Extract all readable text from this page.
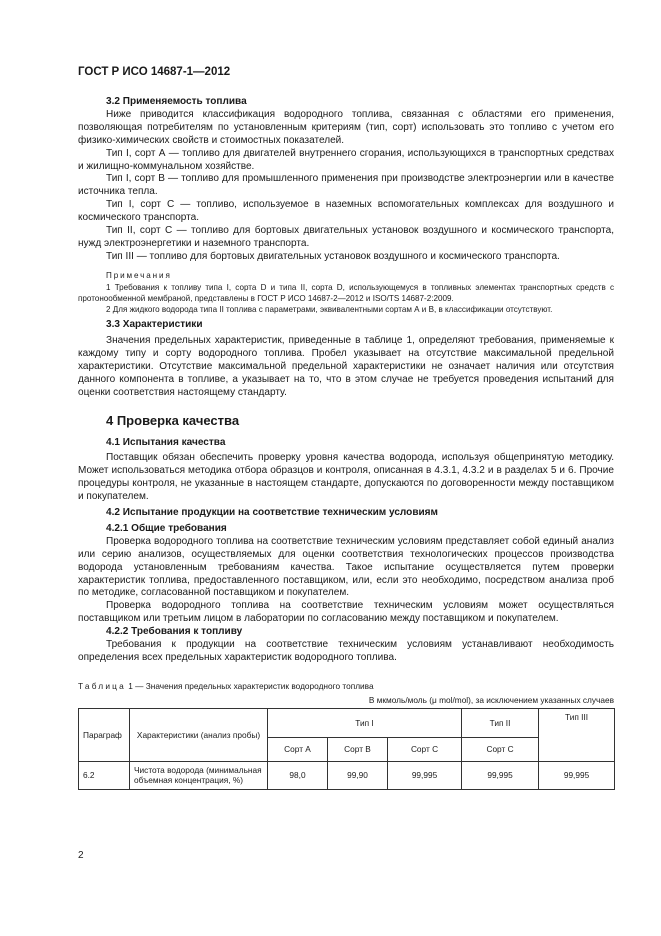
ГОСТ Р ИСО 14687-1—2012

3.2 Применяемость топлива

Ниже приводится классификация водородного топлива, связанная с областями его применения, позволяющая потребителям по установленным критериям (тип, сорт) использовать это топливо с учетом его физико-химических свойств и стоимостных показателей.

Тип I, сорт А — топливо для двигателей внутреннего сгорания, использующихся в транспортных средствах и жилищно-коммунальном хозяйстве.

Тип I, сорт В — топливо для промышленного применения при производстве электроэнергии или в качестве источника тепла.

Тип I, сорт С — топливо, используемое в наземных вспомогательных комплексах для воздушного и космического транспорта.

Тип II, сорт С — топливо для бортовых двигательных установок воздушного и космического транспорта, нужд электроэнергетики и наземного транспорта.

Тип III — топливо для бортовых двигательных установок воздушного и космического транспорта.

Примечания

1 Требования к топливу типа I, сорта D и типа II, сорта D, использующемуся в топливных элементах транспортных средств с протонообменной мембраной, представлены в ГОСТ Р ИСО 14687-2—2012 и ISO/TS 14687-2:2009.

2 Для жидкого водорода типа II топлива с параметрами, эквивалентными сортам А и В, в классификации отсутствуют.

3.3 Характеристики

Значения предельных характеристик, приведенные в таблице 1, определяют требования, применяемые к каждому типу и сорту водородного топлива. Пробел указывает на отсутствие максимальной предельной характеристики. Отсутствие максимальной предельной характеристики не означает наличия или отсутствия данного компонента в топливе, а указывает на то, что в этом случае не требуется проведения испытаний для оценки соответствия настоящему стандарту.

4 Проверка качества

4.1 Испытания качества

Поставщик обязан обеспечить проверку уровня качества водорода, используя общепринятую методику. Может использоваться методика отбора образцов и контроля, описанная в 4.3.1, 4.3.2 и в разделах 5 и 6. Прочие процедуры контроля, не указанные в настоящем стандарте, допускаются по договоренности между поставщиком и покупателем.

4.2 Испытание продукции на соответствие техническим условиям

4.2.1 Общие требования

Проверка водородного топлива на соответствие техническим условиям представляет собой единый анализ или серию анализов, осуществляемых для оценки соответствия технологических процессов производства водорода установленным требованиям качества. Такое испытание осуществляется путем проверки характеристик топлива, предоставленного поставщиком, или, если это необходимо, посредством анализа проб по методике, согласованной поставщиком и покупателем.

Проверка водородного топлива на соответствие техническим условиям может осуществляться поставщиком или третьим лицом в лаборатории по согласованию между поставщиком и покупателем.

4.2.2 Требования к топливу

Требования к продукции на соответствие техническим условиям устанавливают необходимость определения всех предельных характеристик водородного топлива.

Таблица 1 — Значения предельных характеристик водородного топлива
В мкмоль/моль (μ mol/mol), за исключением указанных случаев
Параграф	Характеристики (анализ пробы)	Тип I			Тип II	Тип III
		Сорт А	Сорт В	Сорт С	Сорт С	
6.2	Чистота водорода (минимальная объемная концентрация, %)	98,0	99,90	99,995	99,995	99,995
2
